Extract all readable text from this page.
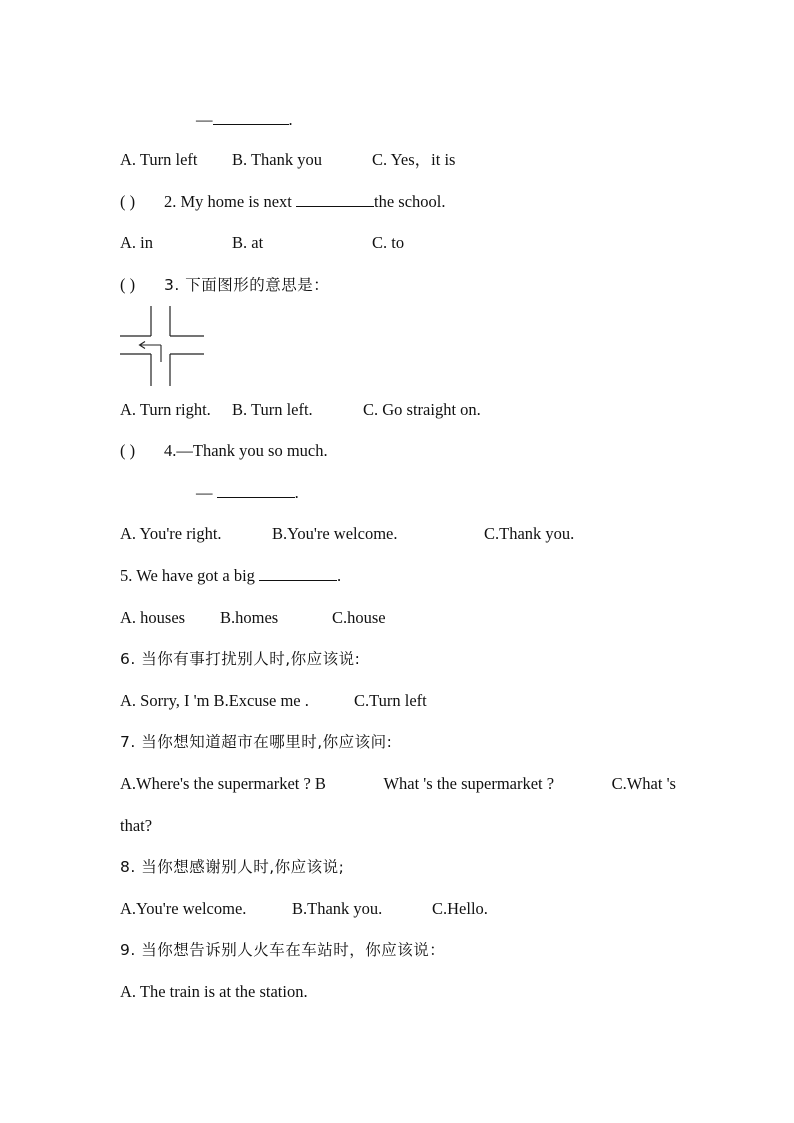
—	.
A. Turn left B. Thank you	C. Yes，it is
( ) 2. My home is next	the school.
A. in	B. at	C. to
( ) 3. 下面图形的意思是：
A. Turn right. B. Turn left.	C. Go straight on.
( ) 4.—Thank you so much.
—	.
A. You're right.	B.You're welcome.	C.Thank you.
5. We have got a big	.
A. houses B.homes	C.house
6. 当你有事打扰别人时,你应该说:
A. Sorry, I 'm B.Excuse me .	C.Turn left
7. 当你想知道超市在哪里时,你应该问:
A.Where's the supermarket ? B	What 's the supermarket ?	C.What 's
that?
8. 当你想感谢别人时,你应该说;
A.You're welcome.	B.Thank you.	C.Hello.
9. 当你想告诉别人火车在车站时，你应该说：
A. The train is at the station.
